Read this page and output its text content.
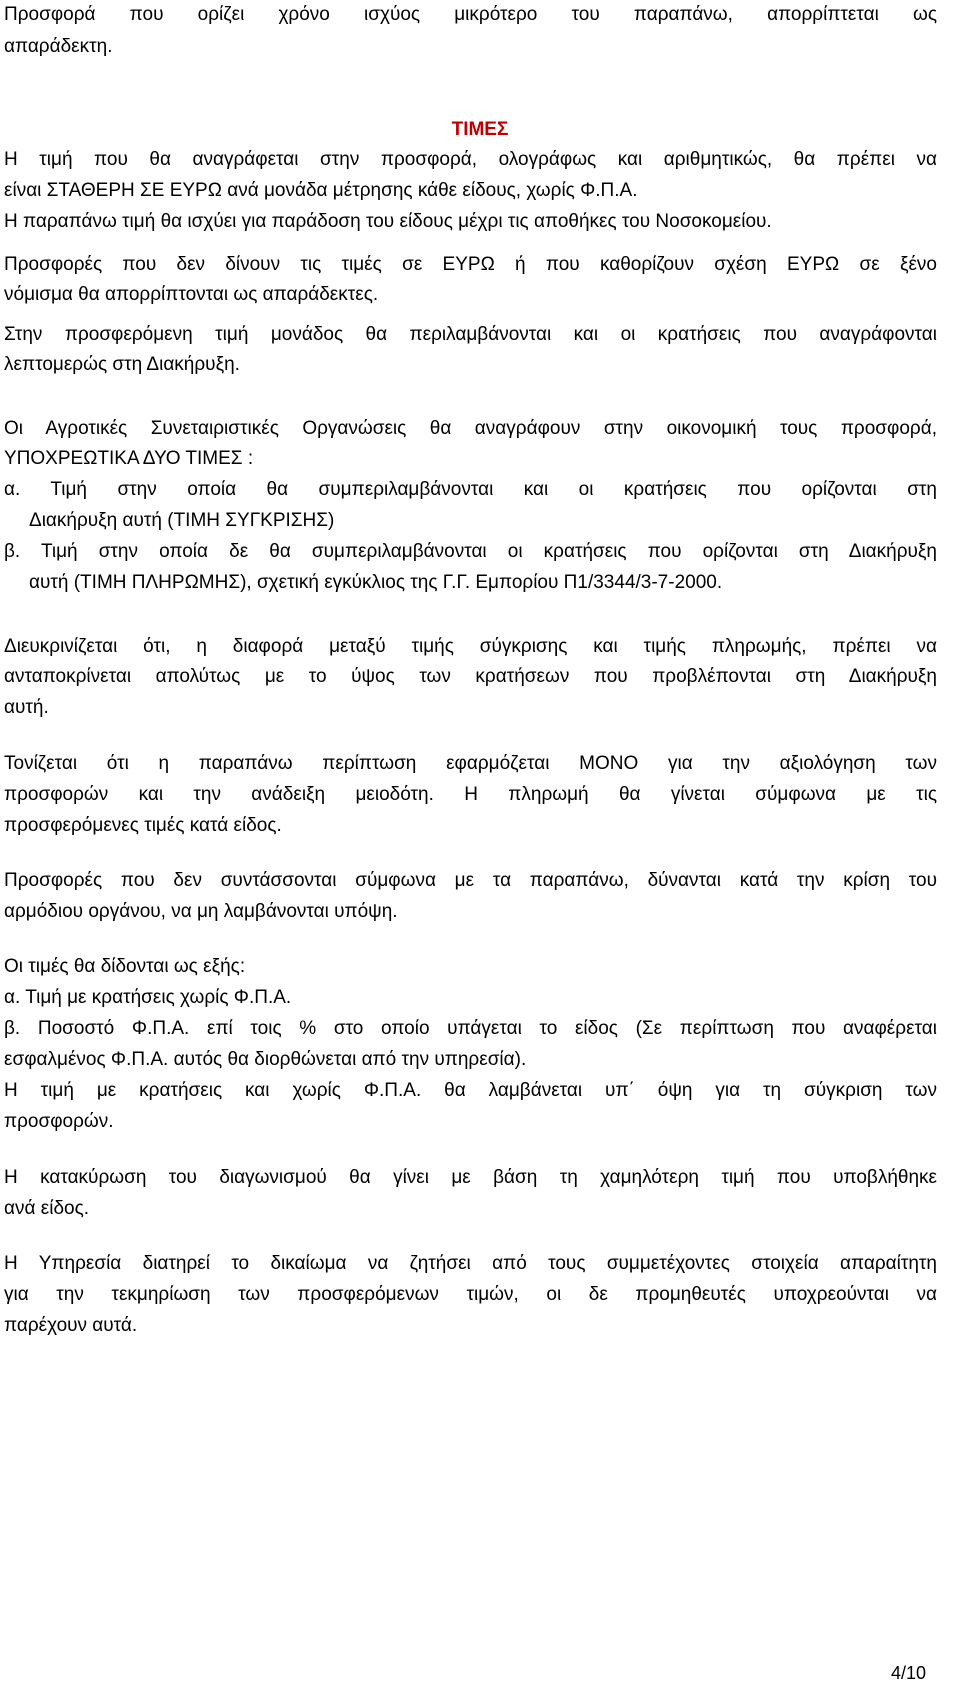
Προσφορά που ορίζει χρόνο ισχύος μικρότερο του παραπάνω, απορρίπτεται ως

απαράδεκτη.

ΤΙΜΕΣ

Η τιμή που θα αναγράφεται στην προσφορά, ολογράφως και αριθμητικώς, θα πρέπει να

είναι ΣΤΑΘΕΡΗ ΣΕ ΕΥΡΩ ανά μονάδα μέτρησης κάθε είδους, χωρίς Φ.Π.Α.

Η παραπάνω τιμή θα ισχύει για παράδοση του είδους μέχρι τις αποθήκες του Νοσοκομείου.

Προσφορές που δεν δίνουν τις τιμές σε ΕΥΡΩ ή που καθορίζουν σχέση ΕΥΡΩ σε ξένο

νόμισμα θα απορρίπτονται ως απαράδεκτες.

Στην προσφερόμενη τιμή μονάδος θα περιλαμβάνονται και οι κρατήσεις που αναγράφονται

λεπτομερώς στη Διακήρυξη.

Οι Αγροτικές Συνεταιριστικές Οργανώσεις θα αναγράφουν στην οικονομική τους προσφορά,

ΥΠΟΧΡΕΩΤΙΚΑ ΔΥΟ ΤΙΜΕΣ :

α. Τιμή στην οποία θα συμπεριλαμβάνονται και οι κρατήσεις που ορίζονται στη

Διακήρυξη αυτή (ΤΙΜΗ ΣΥΓΚΡΙΣΗΣ)

β. Τιμή στην οποία δε θα συμπεριλαμβάνονται οι κρατήσεις που ορίζονται στη Διακήρυξη

αυτή (ΤΙΜΗ ΠΛΗΡΩΜΗΣ), σχετική εγκύκλιος της Γ.Γ. Εμπορίου Π1/3344/3-7-2000.

Διευκρινίζεται ότι, η διαφορά μεταξύ τιμής σύγκρισης και τιμής πληρωμής, πρέπει να

ανταποκρίνεται απολύτως με το ύψος των κρατήσεων που προβλέπονται στη Διακήρυξη

αυτή.

Τονίζεται ότι η παραπάνω περίπτωση εφαρμόζεται ΜΟΝΟ για την αξιολόγηση των

προσφορών και την ανάδειξη μειοδότη. Η πληρωμή θα γίνεται σύμφωνα με τις

προσφερόμενες τιμές κατά είδος.

Προσφορές που δεν συντάσσονται σύμφωνα με τα παραπάνω, δύνανται κατά την κρίση του

αρμόδιου οργάνου, να μη λαμβάνονται υπόψη.

Οι τιμές θα δίδονται ως εξής:

α. Τιμή με κρατήσεις χωρίς Φ.Π.Α.

β. Ποσοστό Φ.Π.Α. επί τοις % στο οποίο υπάγεται το είδος (Σε περίπτωση που αναφέρεται

εσφαλμένος Φ.Π.Α. αυτός θα διορθώνεται από την υπηρεσία).

Η τιμή με κρατήσεις και χωρίς Φ.Π.Α. θα λαμβάνεται υπ΄ όψη για τη σύγκριση των

προσφορών.

Η κατακύρωση του διαγωνισμού θα γίνει με βάση τη χαμηλότερη τιμή που υποβλήθηκε

ανά είδος.

Η Υπηρεσία διατηρεί το δικαίωμα να ζητήσει από τους συμμετέχοντες στοιχεία απαραίτητη

για την τεκμηρίωση των προσφερόμενων τιμών, οι δε προμηθευτές υποχρεούνται να

παρέχουν αυτά.

4/10
